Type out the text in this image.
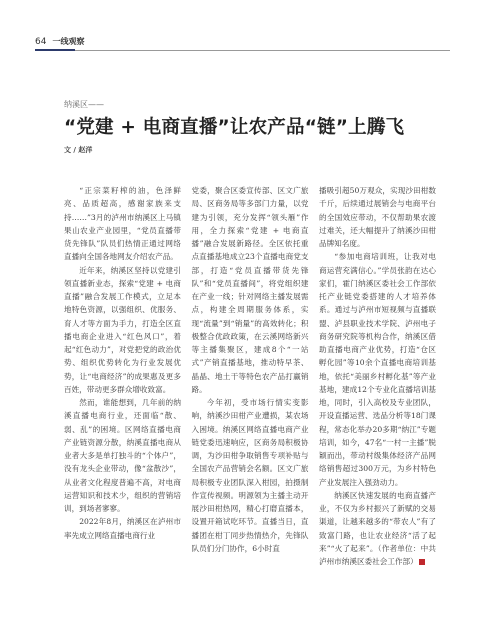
64 一线观察
纳溪区——
“党建 + 电商直播”让农产品“链”上腾飞
文 / 赵洋

“正宗菜籽榨的油，色泽鲜亮、品质超高，感谢家族来支持……”3月的泸州市纳溪区上马镇果山农业产业园里，“党员直播带货先锋队”队员们热情正通过网络直播向全国各地网友介绍农产品。

近年来，纳溪区坚持以党建引领直播新业态，探索“党建 + 电商直播”融合发展工作模式，立足本地特色资源，以强组织、优服务、育人才等方面为手力，打造全区直播电商企业进入“红色风口”，着起“红色动力”，对党把党的政治优势、组织优势转化为行业发展优势，让“电商经济”的成果惠及更多百姓，带动更多群众增收致富。

然而，谁能想到，几年前的纳溪直播电商行业，还面临“散、弱、乱”的困境。区网络直播电商产业链资源分散，纳溪直播电商从业者大多是单打独斗的“个体户”，没有龙头企业带动，像“盆散沙”，从业者文化程度普遍不高，对电商运营知识和技术少，组织的营销培训，到场者寥寥。

2022年8月，纳溪区在泸州市率先成立网络直播电商行业

党委，聚合区委宣传部、区文广旅局、区商务局等多部门力量，以党建为引领，充分发挥“领头雁”作用，全力探索“党建 + 电商直播”融合发展新路径。全区依托重点直播基地成立23个直播电商党支部，打造“党员直播带货先锋队”和“党员直播间”，将党组织建在产业一线；针对网络主播发展需点，构建全周期服务体系，实现“流量”到“销量”的高效转化；积极整合优政政策，在云溪网络新兴等主播集聚区，建成8个“一站式”产销直播基地，推动特早茶、晶晶、地土干等特色农产品打赢销路。

今年初，受市场行情实变影响，纳溪沙田柑产业遭损，某农场入困境。纳溪区网络直播电商产业链党委迅速响应，区商务局积极协调，为沙田柑争取销售专项补贴与全国农产品营销会名额。区文广旅局积极专业团队深入柑园，拍摄制作宣传视频。明源领为主播主动开展沙田柑热网，精心打磨直播本，设置开箱试吃环节。直播当日，直播团在柑丁同步热情热介，先锋队队员们分门协作，6小时直

播吸引超50万观众，实现沙田柑数千斤，后续通过展销会与电商平台的全国效应带动，不仅帮助果农渡过难关，还大幅提升了纳溪沙田柑品牌知名度。

“参加电商培训班，让我对电商运营充满信心。”学员张韵在达心家们，霍门纳溪区委社会工作部依托产业链党委搭建的人才培养体系。通过与泸州市短视频与直播联盟、泸县职业技术学院、泸州电子商务研究院等机构合作，纳溪区借助直播电商产业优势，打造“仓区孵化园”等10余个直播电商培训基地，依托“美丽乡村孵化基”等产业基地，建成12个专业化直播培训基地，同时，引入高校及专业团队，开设直播运营、选品分析等18门课程，常态化举办20多期“纳江”专题培训，如今，47名“一村一主播”脱颖而出，带动村级集体经济产品网络销售超过300万元，为乡村特色产业发展注入强劲动力。

纳溪区快速发展的电商直播产业，不仅为乡村振兴了新赋的交易渠道，让越来越多的“带农人”有了致富门路，也让农业经济“活了起来”“火了起来”。（作者单位：中共泸州市纳溪区委社会工作部）
